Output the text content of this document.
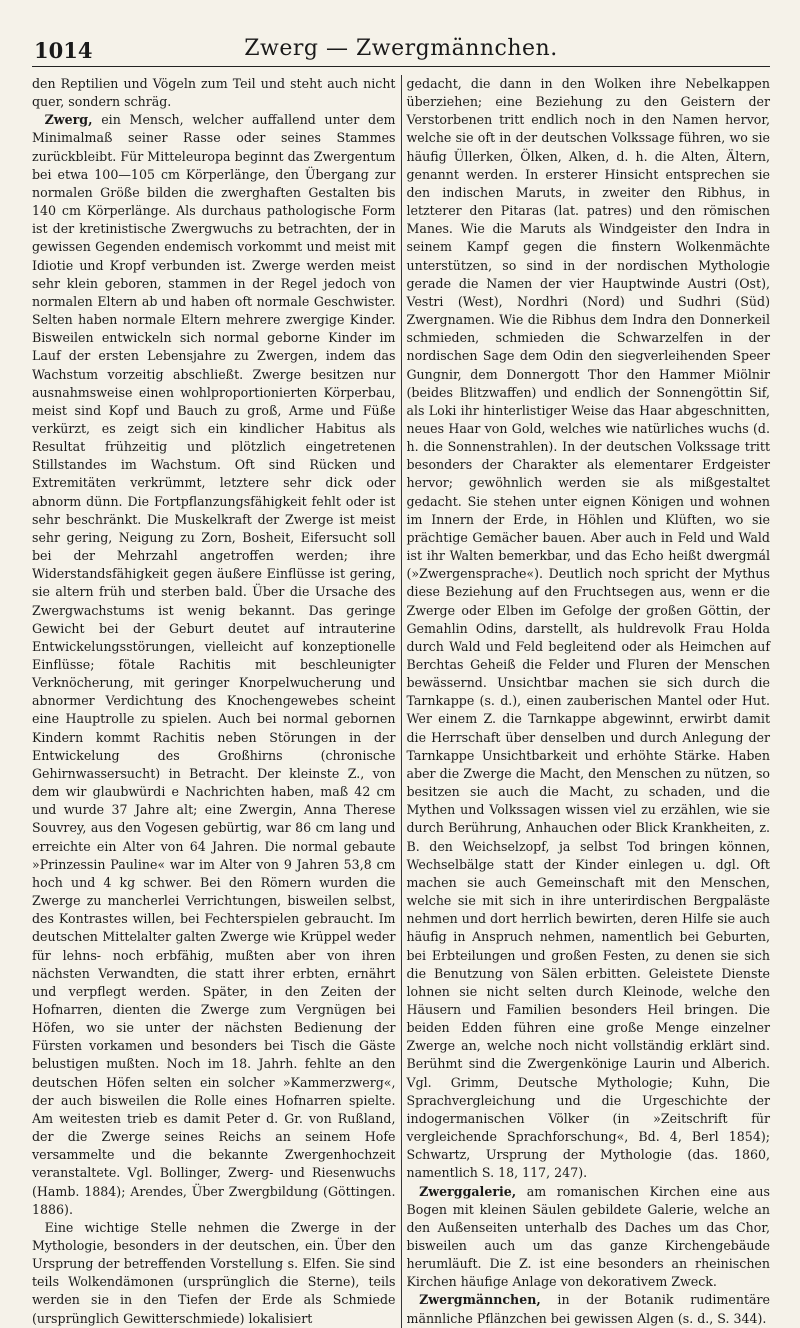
1014	Zwerg — Zwergmännchen.

den Reptilien und Vögeln zum Teil und steht auch nicht quer, sondern schräg.

Zwerg, ein Mensch, welcher auffallend unter dem Minimalmaß seiner Rasse oder seines Stammes zurückbleibt. Für Mitteleuropa beginnt das Zwergentum bei etwa 100—105 cm Körperlänge, den Übergang zur normalen Größe bilden die zwerghaften Gestalten bis 140 cm Körperlänge. Als durchaus pathologische Form ist der kretinistische Zwergwuchs zu betrachten, der in gewissen Gegenden endemisch vorkommt und meist mit Idiotie und Kropf verbunden ist. Zwerge werden meist sehr klein geboren, stammen in der Regel jedoch von normalen Eltern ab und haben oft normale Geschwister. Selten haben normale Eltern mehrere zwergige Kinder. Bisweilen entwickeln sich normal geborne Kinder im Lauf der ersten Lebensjahre zu Zwergen, indem das Wachstum vorzeitig abschließt. Zwerge besitzen nur ausnahmsweise einen wohlproportionierten Körperbau, meist sind Kopf und Bauch zu groß, Arme und Füße verkürzt, es zeigt sich ein kindlicher Habitus als Resultat frühzeitig und plötzlich eingetretenen Stillstandes im Wachstum. Oft sind Rücken und Extremitäten verkrümmt, letztere sehr dick oder abnorm dünn. Die Fortpflanzungsfähigkeit fehlt oder ist sehr beschränkt. Die Muskelkraft der Zwerge ist meist sehr gering, Neigung zu Zorn, Bosheit, Eifersucht soll bei der Mehrzahl angetroffen werden; ihre Widerstandsfähigkeit gegen äußere Einflüsse ist gering, sie altern früh und sterben bald. Über die Ursache des Zwergwachstums ist wenig bekannt. Das geringe Gewicht bei der Geburt deutet auf intrauterine Entwickelungsstörungen, vielleicht auf konzeptionelle Einflüsse; fötale Rachitis mit beschleunigter Verknöcherung, mit geringer Knorpelwucherung und abnormer Verdichtung des Knochengewebes scheint eine Hauptrolle zu spielen. Auch bei normal gebornen Kindern kommt Rachitis neben Störungen in der Entwickelung des Großhirns (chronische Gehirnwassersucht) in Betracht. Der kleinste Z., von dem wir glaubwürdi e Nachrichten haben, maß 42 cm und wurde 37 Jahre alt; eine Zwergin, Anna Therese Souvrey, aus den Vogesen gebürtig, war 86 cm lang und erreichte ein Alter von 64 Jahren. Die normal gebaute »Prinzessin Pauline« war im Alter von 9 Jahren 53,8 cm hoch und 4 kg schwer. Bei den Römern wurden die Zwerge zu mancherlei Verrichtungen, bisweilen selbst, des Kontrastes willen, bei Fechterspielen gebraucht. Im deutschen Mittelalter galten Zwerge wie Krüppel weder für lehns- noch erbfähig, mußten aber von ihren nächsten Verwandten, die statt ihrer erbten, ernährt und verpflegt werden. Später, in den Zeiten der Hofnarren, dienten die Zwerge zum Vergnügen bei Höfen, wo sie unter der nächsten Bedienung der Fürsten vorkamen und besonders bei Tisch die Gäste belustigen mußten. Noch im 18. Jahrh. fehlte an den deutschen Höfen selten ein solcher »Kammerzwerg«, der auch bisweilen die Rolle eines Hofnarren spielte. Am weitesten trieb es damit Peter d. Gr. von Rußland, der die Zwerge seines Reichs an seinem Hofe versammelte und die bekannte Zwergenhochzeit veranstaltete. Vgl. Bollinger, Zwerg- und Riesenwuchs (Hamb. 1884); Arendes, Über Zwergbildung (Göttingen. 1886).

Eine wichtige Stelle nehmen die Zwerge in der Mythologie, besonders in der deutschen, ein. Über den Ursprung der betreffenden Vorstellung s. Elfen. Sie sind teils Wolkendämonen (ursprünglich die Sterne), teils werden sie in den Tiefen der Erde als Schmiede (ursprünglich Gewitterschmiede) lokalisiert

gedacht, die dann in den Wolken ihre Nebelkappen überziehen; eine Beziehung zu den Geistern der Verstorbenen tritt endlich noch in den Namen hervor, welche sie oft in der deutschen Volkssage führen, wo sie häufig Üllerken, Ölken, Alken, d. h. die Alten, Ältern, genannt werden. In ersterer Hinsicht entsprechen sie den indischen Maruts, in zweiter den Ribhus, in letzterer den Pitaras (lat. patres) und den römischen Manes. Wie die Maruts als Windgeister den Indra in seinem Kampf gegen die finstern Wolkenmächte unterstützen, so sind in der nordischen Mythologie gerade die Namen der vier Hauptwinde Austri (Ost), Vestri (West), Nordhri (Nord) und Sudhri (Süd) Zwergnamen. Wie die Ribhus dem Indra den Donnerkeil schmieden, schmieden die Schwarzelfen in der nordischen Sage dem Odin den siegverleihenden Speer Gungnir, dem Donnergott Thor den Hammer Miölnir (beides Blitzwaffen) und endlich der Sonnengöttin Sif, als Loki ihr hinterlistiger Weise das Haar abgeschnitten, neues Haar von Gold, welches wie natürliches wuchs (d. h. die Sonnenstrahlen). In der deutschen Volkssage tritt besonders der Charakter als elementarer Erdgeister hervor; gewöhnlich werden sie als mißgestaltet gedacht. Sie stehen unter eignen Königen und wohnen im Innern der Erde, in Höhlen und Klüften, wo sie prächtige Gemächer bauen. Aber auch in Feld und Wald ist ihr Walten bemerkbar, und das Echo heißt dwergmál (»Zwergensprache«). Deutlich noch spricht der Mythus diese Beziehung auf den Fruchtsegen aus, wenn er die Zwerge oder Elben im Gefolge der großen Göttin, der Gemahlin Odins, darstellt, als huldrevolk Frau Holda durch Wald und Feld begleitend oder als Heimchen auf Berchtas Geheiß die Felder und Fluren der Menschen bewässernd. Unsichtbar machen sie sich durch die Tarnkappe (s. d.), einen zauberischen Mantel oder Hut. Wer einem Z. die Tarnkappe abgewinnt, erwirbt damit die Herrschaft über denselben und durch Anlegung der Tarnkappe Unsichtbarkeit und erhöhte Stärke. Haben aber die Zwerge die Macht, den Menschen zu nützen, so besitzen sie auch die Macht, zu schaden, und die Mythen und Volkssagen wissen viel zu erzählen, wie sie durch Berührung, Anhauchen oder Blick Krankheiten, z. B. den Weichselzopf, ja selbst Tod bringen können, Wechselbälge statt der Kinder einlegen u. dgl. Oft machen sie auch Gemeinschaft mit den Menschen, welche sie mit sich in ihre unterirdischen Bergpaläste nehmen und dort herrlich bewirten, deren Hilfe sie auch häufig in Anspruch nehmen, namentlich bei Geburten, bei Erbteilungen und großen Festen, zu denen sie sich die Benutzung von Sälen erbitten. Geleistete Dienste lohnen sie nicht selten durch Kleinode, welche den Häusern und Familien besonders Heil bringen. Die beiden Edden führen eine große Menge einzelner Zwerge an, welche noch nicht vollständig erklärt sind. Berühmt sind die Zwergenkönige Laurin und Alberich. Vgl. Grimm, Deutsche Mythologie; Kuhn, Die Sprachvergleichung und die Urgeschichte der indogermanischen Völker (in »Zeitschrift für vergleichende Sprachforschung«, Bd. 4, Berl 1854); Schwartz, Ursprung der Mythologie (das. 1860, namentlich S. 18, 117, 247).

Zwerggalerie, am romanischen Kirchen eine aus Bogen mit kleinen Säulen gebildete Galerie, welche an den Außenseiten unterhalb des Daches um das Chor, bisweilen auch um das ganze Kirchengebäude herumläuft. Die Z. ist eine besonders an rheinischen Kirchen häufige Anlage von dekorativem Zweck.

Zwergmännchen, in der Botanik rudimentäre männliche Pflänzchen bei gewissen Algen (s. d., S. 344).
